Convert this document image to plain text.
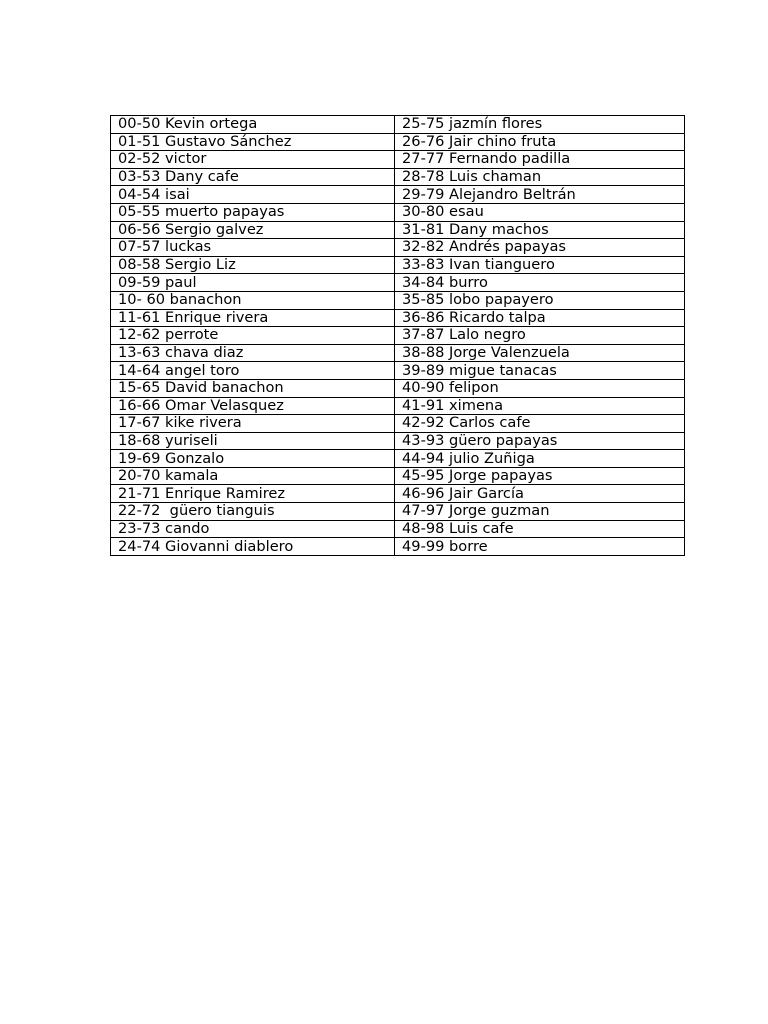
00-50 Kevin ortega	25-75 jazmín flores
01-51 Gustavo Sánchez	26-76 Jair chino fruta
02-52 victor	27-77 Fernando padilla
03-53 Dany cafe	28-78 Luis chaman
04-54 isai	29-79 Alejandro Beltrán
05-55 muerto papayas	30-80 esau
06-56 Sergio galvez	31-81 Dany machos
07-57 luckas	32-82 Andrés papayas
08-58 Sergio Liz	33-83 Ivan tianguero
09-59 paul	34-84 burro
10- 60 banachon	35-85 lobo papayero
11-61 Enrique rivera	36-86 Ricardo talpa
12-62 perrote	37-87 Lalo negro
13-63 chava diaz	38-88 Jorge Valenzuela
14-64 angel toro	39-89 migue tanacas
15-65 David banachon	40-90 felipon
16-66 Omar Velasquez	41-91 ximena
17-67 kike rivera	42-92 Carlos cafe
18-68 yuriseli	43-93 güero papayas
19-69 Gonzalo	44-94 julio Zuñiga
20-70 kamala	45-95 Jorge papayas
21-71 Enrique Ramirez	46-96 Jair García
22-72  güero tianguis	47-97 Jorge guzman
23-73 cando	48-98 Luis cafe
24-74 Giovanni diablero	49-99 borre
